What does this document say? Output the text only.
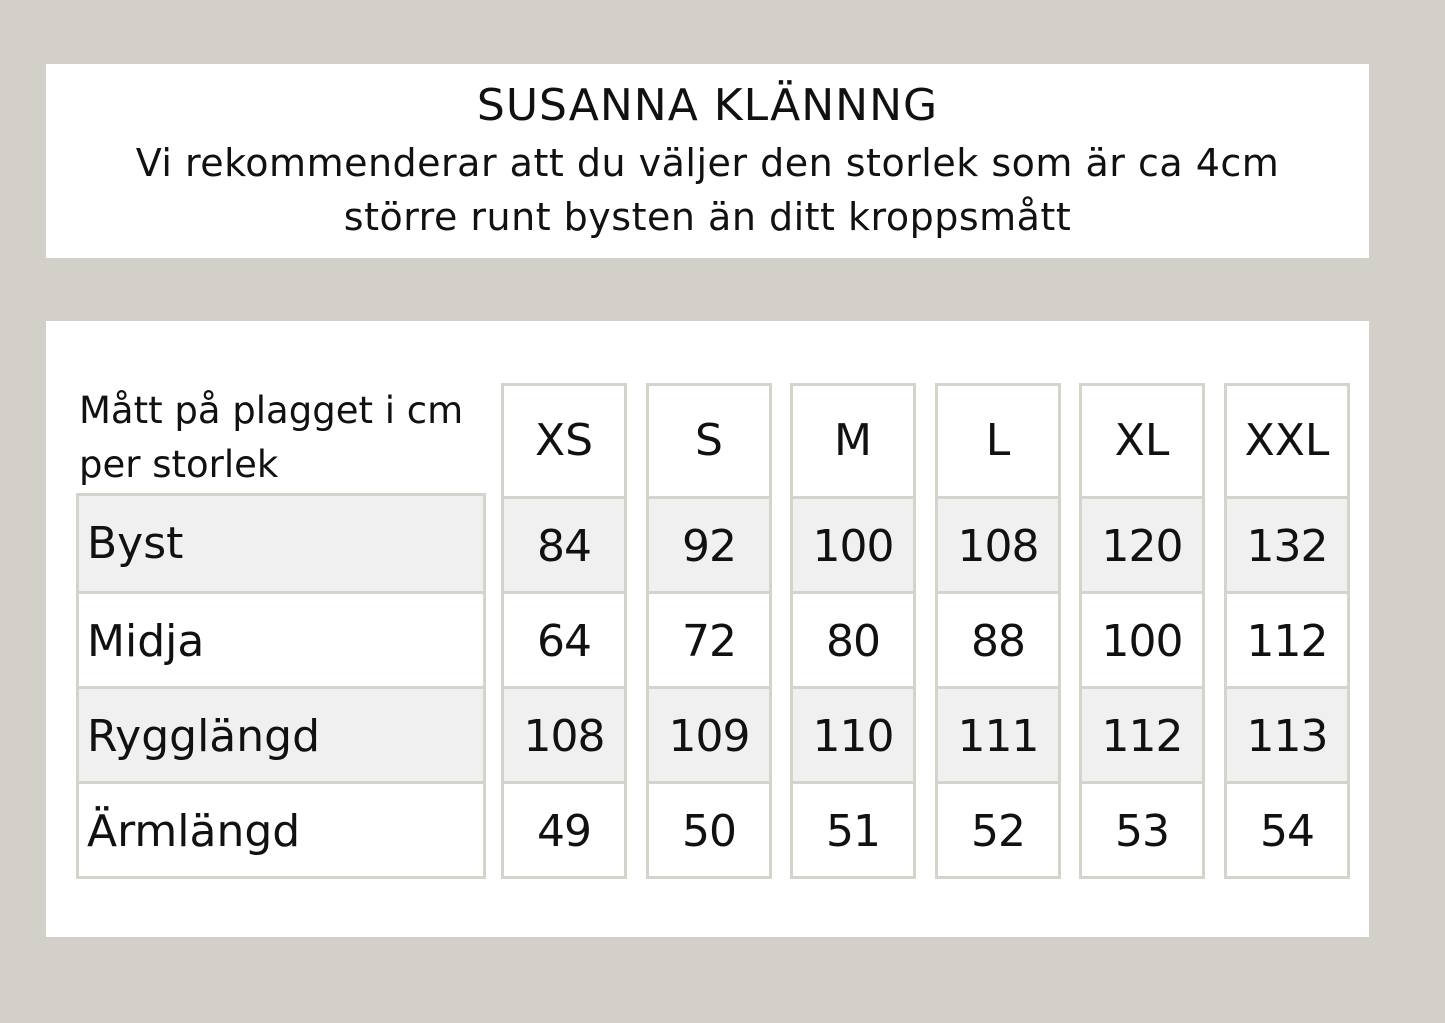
SUSANNA KLÄNNNG
Vi rekommenderar att du väljer den storlek som är ca 4cm större runt bysten än ditt kroppsmått
Mått på plagget i cm per storlek
Byst
Midja
Rygglängd
Ärmlängd
XS
84
64
108
49
S
92
72
109
50
M
100
80
110
51
L
108
88
111
52
XL
120
100
112
53
XXL
132
112
113
54
